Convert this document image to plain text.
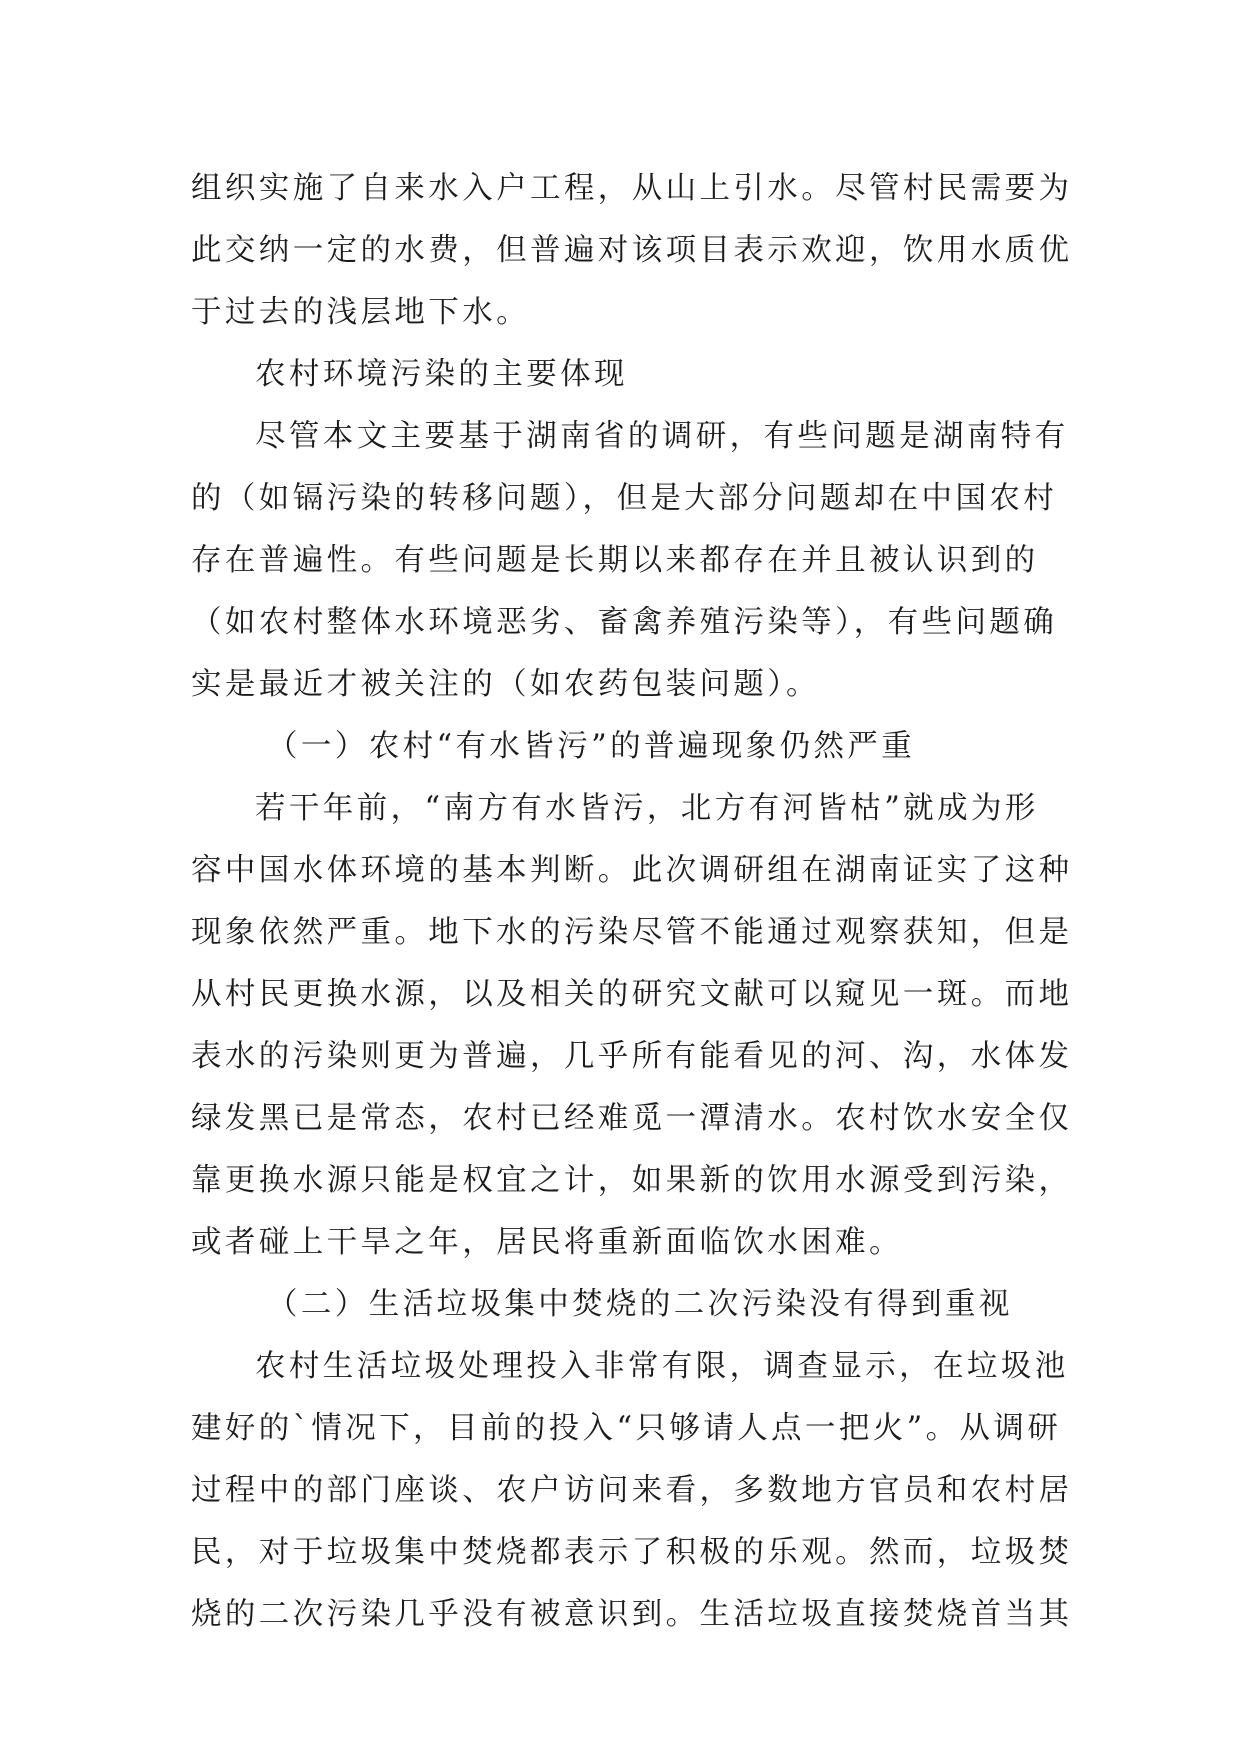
组织实施了自来水入户工程，从山上引水。尽管村民需要为
此交纳一定的水费，但普遍对该项目表示欢迎，饮用水质优
于过去的浅层地下水。
农村环境污染的主要体现
尽管本文主要基于湖南省的调研，有些问题是湖南特有
的（如镉污染的转移问题），但是大部分问题却在中国农村
存在普遍性。有些问题是长期以来都存在并且被认识到的
（如农村整体水环境恶劣、畜禽养殖污染等），有些问题确
实是最近才被关注的（如农药包装问题）。
（一）农村“有水皆污”的普遍现象仍然严重
若干年前，“南方有水皆污，北方有河皆枯”就成为形
容中国水体环境的基本判断。此次调研组在湖南证实了这种
现象依然严重。地下水的污染尽管不能通过观察获知，但是
从村民更换水源，以及相关的研究文献可以窥见一斑。而地
表水的污染则更为普遍，几乎所有能看见的河、沟，水体发
绿发黑已是常态，农村已经难觅一潭清水。农村饮水安全仅
靠更换水源只能是权宜之计，如果新的饮用水源受到污染，
或者碰上干旱之年，居民将重新面临饮水困难。
（二）生活垃圾集中焚烧的二次污染没有得到重视
农村生活垃圾处理投入非常有限，调查显示，在垃圾池
建好的`情况下，目前的投入“只够请人点一把火”。从调研
过程中的部门座谈、农户访问来看，多数地方官员和农村居
民，对于垃圾集中焚烧都表示了积极的乐观。然而，垃圾焚
烧的二次污染几乎没有被意识到。生活垃圾直接焚烧首当其
